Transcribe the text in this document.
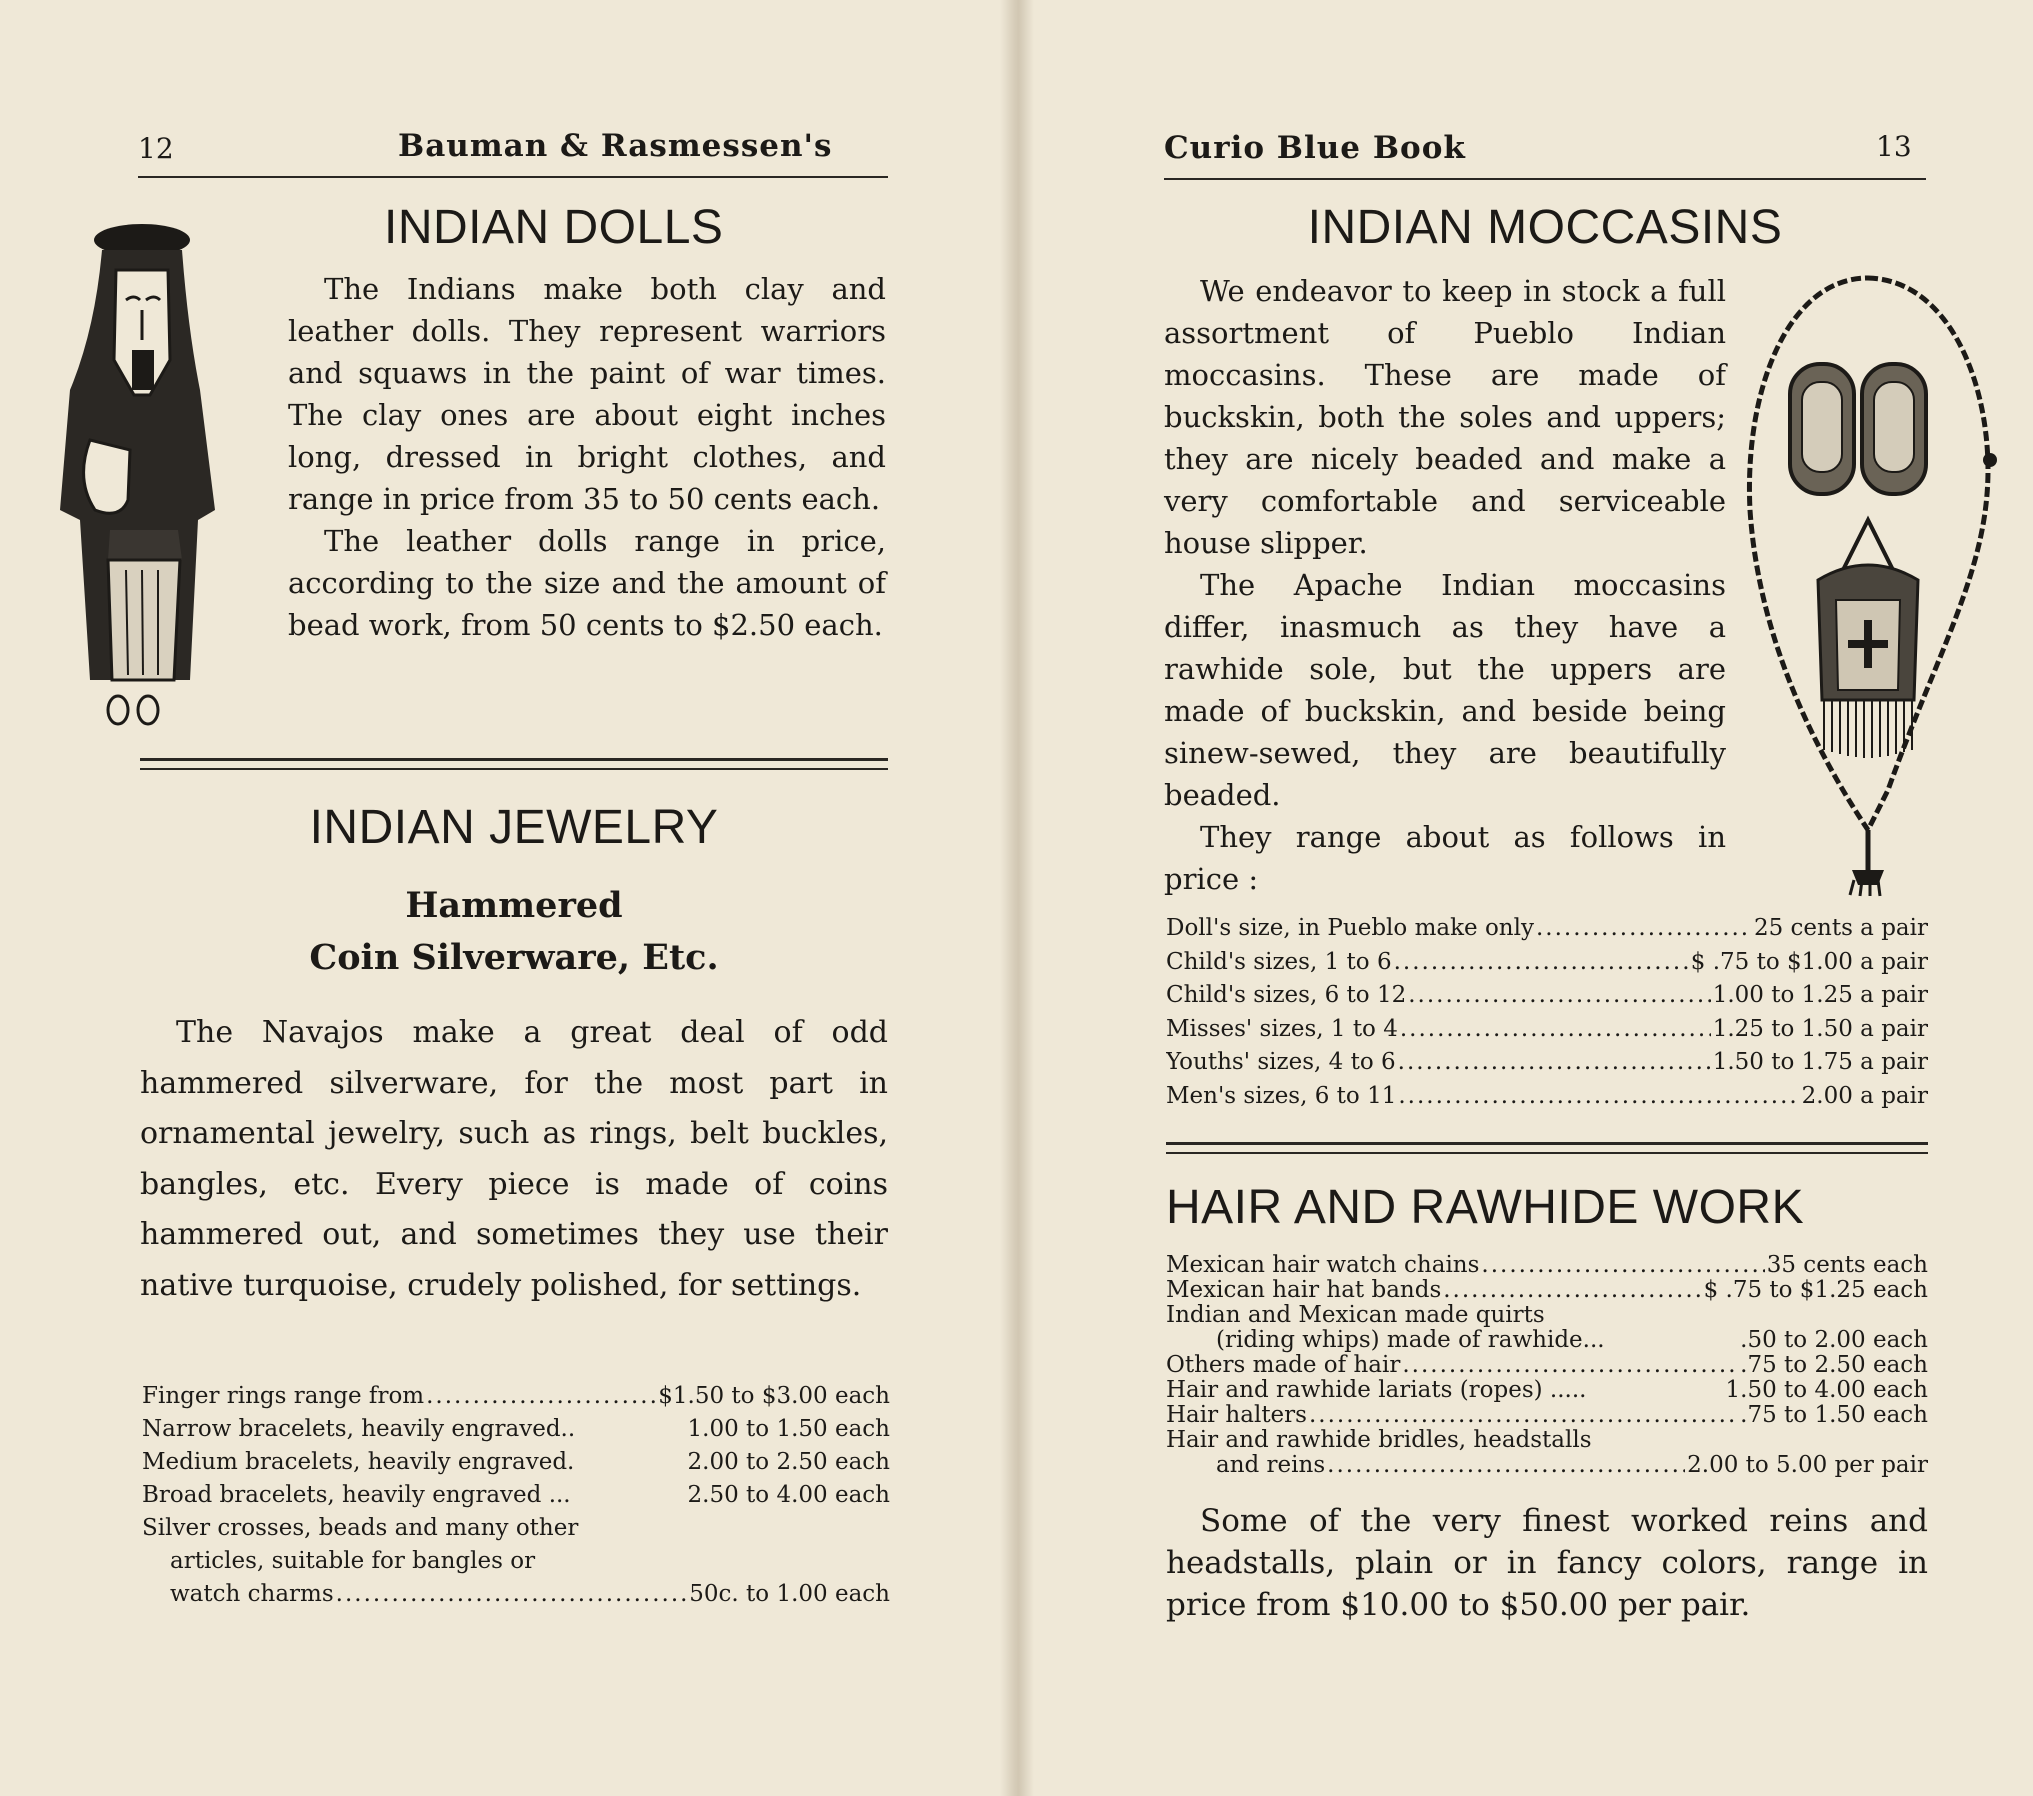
12	Bauman & Rasmessen's
INDIAN DOLLS

The Indians make both clay and leather dolls. They represent warriors and squaws in the paint of war times. The clay ones are about eight inches long, dressed in bright clothes, and range in price from 35 to 50 cents each.

The leather dolls range in price, according to the size and the amount of bead work, from 50 cents to $2.50 each.

INDIAN JEWELRY
Hammered
Coin Silverware, Etc.

The Navajos make a great deal of odd hammered silverware, for the most part in ornamental jewelry, such as rings, belt buckles, bangles, etc. Every piece is made of coins hammered out, and sometimes they use their native turquoise, crudely polished, for settings.

Finger rings range from .....	$1.50 to $3.00 each
Narrow bracelets, heavily engraved..	1.00 to 1.50 each
Medium bracelets, heavily engraved.	2.00 to 2.50 each
Broad bracelets, heavily engraved ...	2.50 to 4.00 each
Silver crosses, beads and many other
articles, suitable for bangles or
watch charms .....	50c. to 1.00 each
Curio Blue Book	13
INDIAN MOCCASINS

We endeavor to keep in stock a full assortment of Pueblo Indian moccasins. These are made of buckskin, both the soles and uppers; they are nicely beaded and make a very comfortable and serviceable house slipper.

The Apache Indian moccasins differ, inasmuch as they have a rawhide sole, but the uppers are made of buckskin, and beside being sinew-sewed, they are beautifully beaded.

They range about as follows in price :

Doll's size, in Pueblo make only .....	25 cents a pair
Child's sizes, 1 to 6 .....	$ .75 to $1.00 a pair
Child's sizes, 6 to 12 .....	1.00 to 1.25 a pair
Misses' sizes, 1 to 4 .....	1.25 to 1.50 a pair
Youths' sizes, 4 to 6 .....	1.50 to 1.75 a pair
Men's sizes, 6 to 11 .....	2.00 a pair
HAIR AND RAWHIDE WORK
Mexican hair watch chains .....	35 cents each
Mexican hair hat bands .....	$ .75 to $1.25 each
Indian and Mexican made quirts
(riding whips) made of rawhide...	.50 to 2.00 each
Others made of hair .....	.75 to 2.50 each
Hair and rawhide lariats (ropes) .....	1.50 to 4.00 each
Hair halters .....	.75 to 1.50 each
Hair and rawhide bridles, headstalls
and reins .....	2.00 to 5.00 per pair

Some of the very finest worked reins and headstalls, plain or in fancy colors, range in price from $10.00 to $50.00 per pair.
